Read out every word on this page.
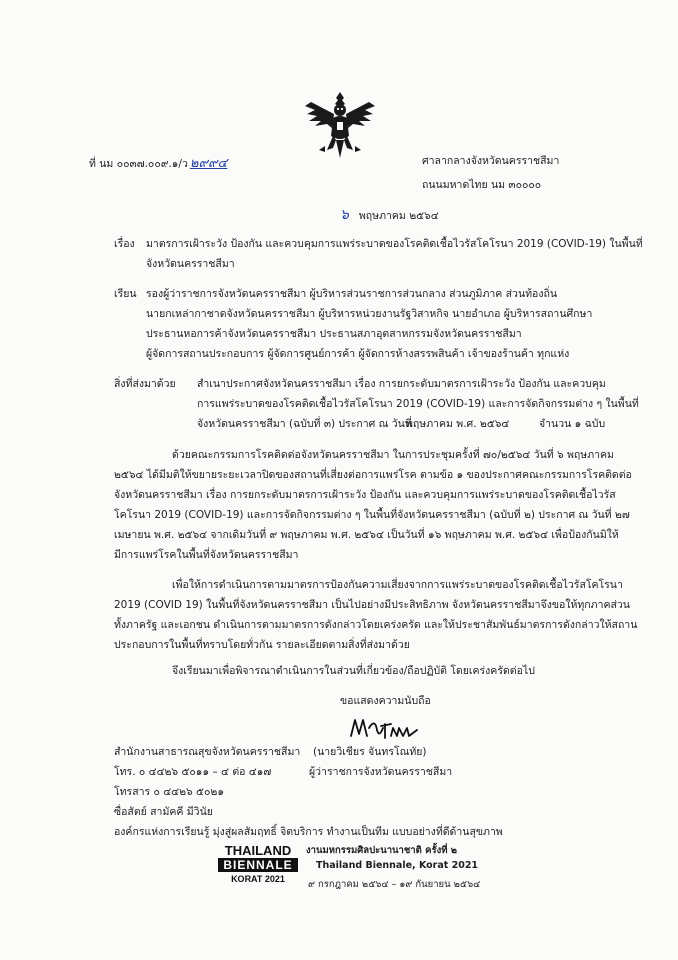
ที่ นม ๐๐๓๗.๐๐๙.๑/ว ๒๙๙๔	ศาลากลางจังหวัดนครราชสีมา
ถนนมหาดไทย นม ๓๐๐๐๐
๖ พฤษภาคม ๒๕๖๔
เรื่อง มาตรการเฝ้าระวัง ป้องกัน และควบคุมการแพร่ระบาดของโรคติดเชื้อไวรัสโคโรนา 2019 (COVID-19) ในพื้นที่
จังหวัดนครราชสีมา
เรียน รองผู้ว่าราชการจังหวัดนครราชสีมา ผู้บริหารส่วนราชการส่วนกลาง ส่วนภูมิภาค ส่วนท้องถิ่น
นายกเหล่ากาชาดจังหวัดนครราชสีมา ผู้บริหารหน่วยงานรัฐวิสาหกิจ นายอำเภอ ผู้บริหารสถานศึกษา
ประธานหอการค้าจังหวัดนครราชสีมา ประธานสภาอุตสาหกรรมจังหวัดนครราชสีมา
ผู้จัดการสถานประกอบการ ผู้จัดการศูนย์การค้า ผู้จัดการห้างสรรพสินค้า เจ้าของร้านค้า ทุกแห่ง
สิ่งที่ส่งมาด้วย สำเนาประกาศจังหวัดนครราชสีมา เรื่อง การยกระดับมาตรการเฝ้าระวัง ป้องกัน และควบคุม
การแพร่ระบาดของโรคติดเชื้อไวรัสโคโรนา 2019 (COVID-19) และการจัดกิจกรรมต่าง ๆ ในพื้นที่
จังหวัดนครราชสีมา (ฉบับที่ ๓) ประกาศ ณ วันที่
พฤษภาคม พ.ศ. ๒๕๖๔	จำนวน ๑ ฉบับ
ด้วยคณะกรรมการโรคติดต่อจังหวัดนครราชสีมา ในการประชุมครั้งที่ ๗๐/๒๕๖๔ วันที่ ๖ พฤษภาคม
๒๕๖๔ ได้มีมติให้ขยายระยะเวลาปิดของสถานที่เสี่ยงต่อการแพร่โรค ตามข้อ ๑ ของประกาศคณะกรรมการโรคติดต่อ
จังหวัดนครราชสีมา เรื่อง การยกระดับมาตรการเฝ้าระวัง ป้องกัน และควบคุมการแพร่ระบาดของโรคติดเชื้อไวรัส
โคโรนา 2019 (COVID-19) และการจัดกิจกรรมต่าง ๆ ในพื้นที่จังหวัดนครราชสีมา (ฉบับที่ ๒) ประกาศ ณ วันที่ ๒๗
เมษายน พ.ศ. ๒๕๖๔ จากเดิมวันที่ ๙ พฤษภาคม พ.ศ. ๒๕๖๔ เป็นวันที่ ๑๖ พฤษภาคม พ.ศ. ๒๕๖๔ เพื่อป้องกันมิให้
มีการแพร่โรคในพื้นที่จังหวัดนครราชสีมา
เพื่อให้การดำเนินการตามมาตรการป้องกันความเสี่ยงจากการแพร่ระบาดของโรคติดเชื้อไวรัสโคโรนา
2019 (COVID 19) ในพื้นที่จังหวัดนครราชสีมา เป็นไปอย่างมีประสิทธิภาพ จังหวัดนครราชสีมาจึงขอให้ทุกภาคส่วน
ทั้งภาครัฐ และเอกชน ดำเนินการตามมาตรการดังกล่าวโดยเคร่งครัด และให้ประชาสัมพันธ์มาตรการดังกล่าวให้สถาน
ประกอบการในพื้นที่ทราบโดยทั่วกัน รายละเอียดตามสิ่งที่ส่งมาด้วย
จึงเรียนมาเพื่อพิจารณาดำเนินการในส่วนที่เกี่ยวข้อง/ถือปฏิบัติ โดยเคร่งครัดต่อไป
ขอแสดงความนับถือ
(นายวิเชียร จันทรโณทัย)
ผู้ว่าราชการจังหวัดนครราชสีมา
สำนักงานสาธารณสุขจังหวัดนครราชสีมา
โทร. ๐ ๔๔๒๖ ๕๐๑๑ – ๔ ต่อ ๔๑๗
โทรสาร ๐ ๔๔๒๖ ๕๐๒๑
ซื่อสัตย์ สามัคคี มีวินัย
องค์กรแห่งการเรียนรู้ มุ่งสู่ผลสัมฤทธิ์ จิตบริการ ทำงานเป็นทีม แบบอย่างที่ดีด้านสุขภาพ
THAILAND
BIENNALE
KORAT 2021
งานมหกรรมศิลปะนานาชาติ ครั้งที่ ๒
Thailand Biennale, Korat 2021
๙ กรกฎาคม ๒๕๖๔ – ๑๙ กันยายน ๒๕๖๔
